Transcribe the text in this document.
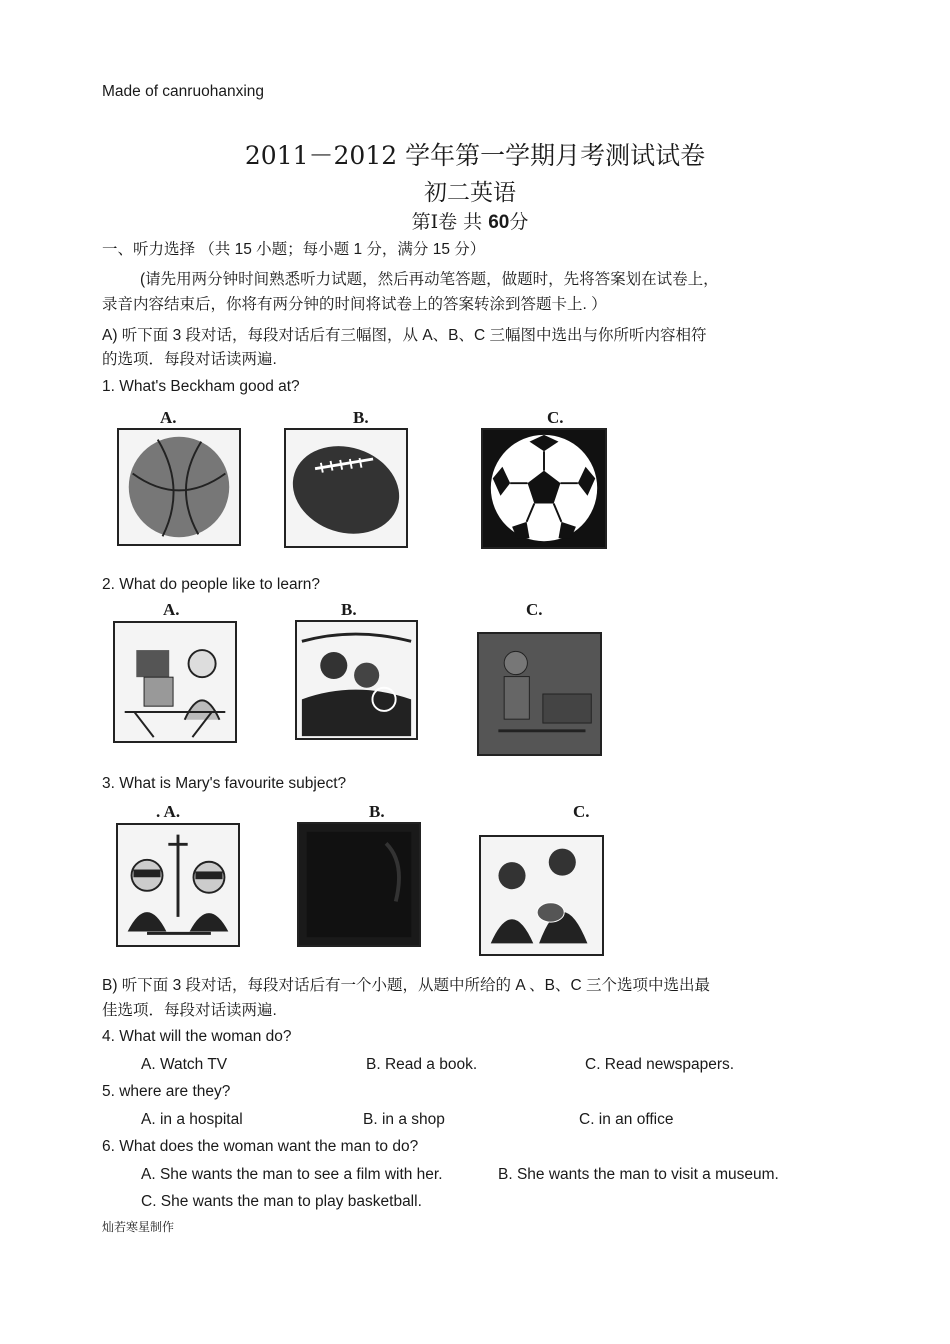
Made of canruohanxing
2011－2012 学年第一学期月考测试试卷
初二英语
第Ⅰ卷 共 60分
一、听力选择 （共 15 小题；每小题 1 分，满分 15 分）
(请先用两分钟时间熟悉听力试题，然后再动笔答题，做题时，先将答案划在试卷上，
录音内容结束后，你将有两分钟的时间将试卷上的答案转涂到答题卡上. ）
A) 听下面 3 段对话，每段对话后有三幅图，从 A、B、C 三幅图中选出与你所听内容相符
的选项．每段对话读两遍.
1. What's Beckham good at?
A.	B.	C.
2. What do people like to learn?
A.	B.	C.
3. What is Mary's favourite subject?
. A.	B.	C.
B) 听下面 3 段对话，每段对话后有一个小题，从题中所给的 A 、B、C 三个选项中选出最
佳选项．每段对话读两遍.
4. What will the woman do?
A. Watch TV	B. Read a book.	C. Read newspapers.
5. where are they?
A. in a hospital	B. in a shop	C. in an office
6. What does the woman want the man to do?
A. She wants the man to see a film with her.	B. She wants the man to visit a museum.
C. She wants the man to play basketball.
灿若寒星制作
